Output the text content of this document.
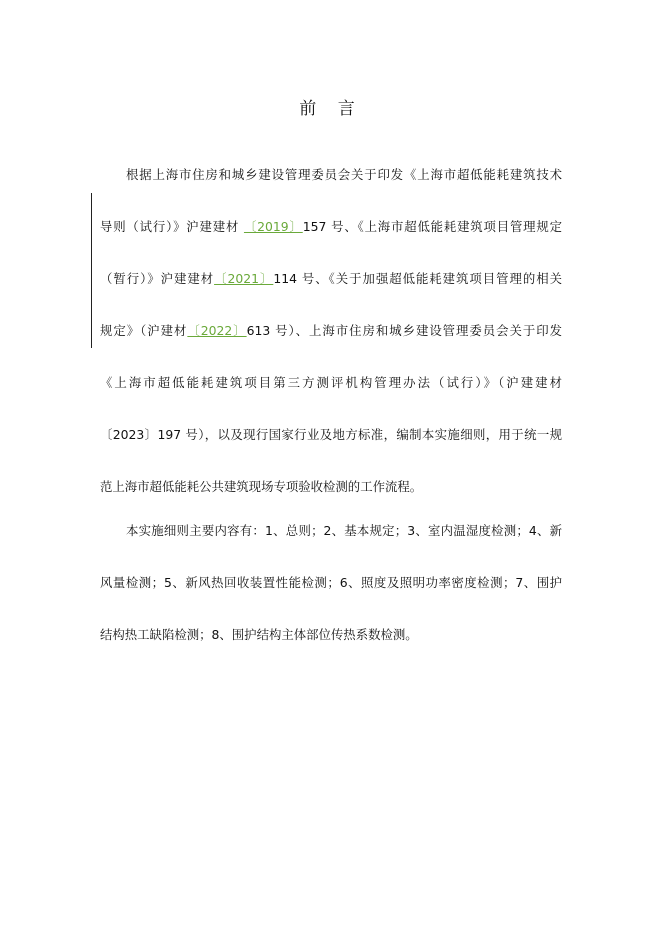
前 言
根据上海市住房和城乡建设管理委员会关于印发《上海市超低能耗建筑技术
导则（试行）》沪建建材 〔2019〕157 号、《上海市超低能耗建筑项目管理规定
（暂行）》沪建建材〔2021〕114 号、《关于加强超低能耗建筑项目管理的相关
规定》（沪建材〔2022〕613 号）、上海市住房和城乡建设管理委员会关于印发
《上海市超低能耗建筑项目第三方测评机构管理办法（试行）》（沪建建材
〔2023〕197 号），以及现行国家行业及地方标准，编制本实施细则，用于统一规
范上海市超低能耗公共建筑现场专项验收检测的工作流程。
本实施细则主要内容有：1、总则；2、基本规定；3、室内温湿度检测；4、新
风量检测；5、新风热回收装置性能检测；6、照度及照明功率密度检测；7、围护
结构热工缺陷检测；8、围护结构主体部位传热系数检测。
